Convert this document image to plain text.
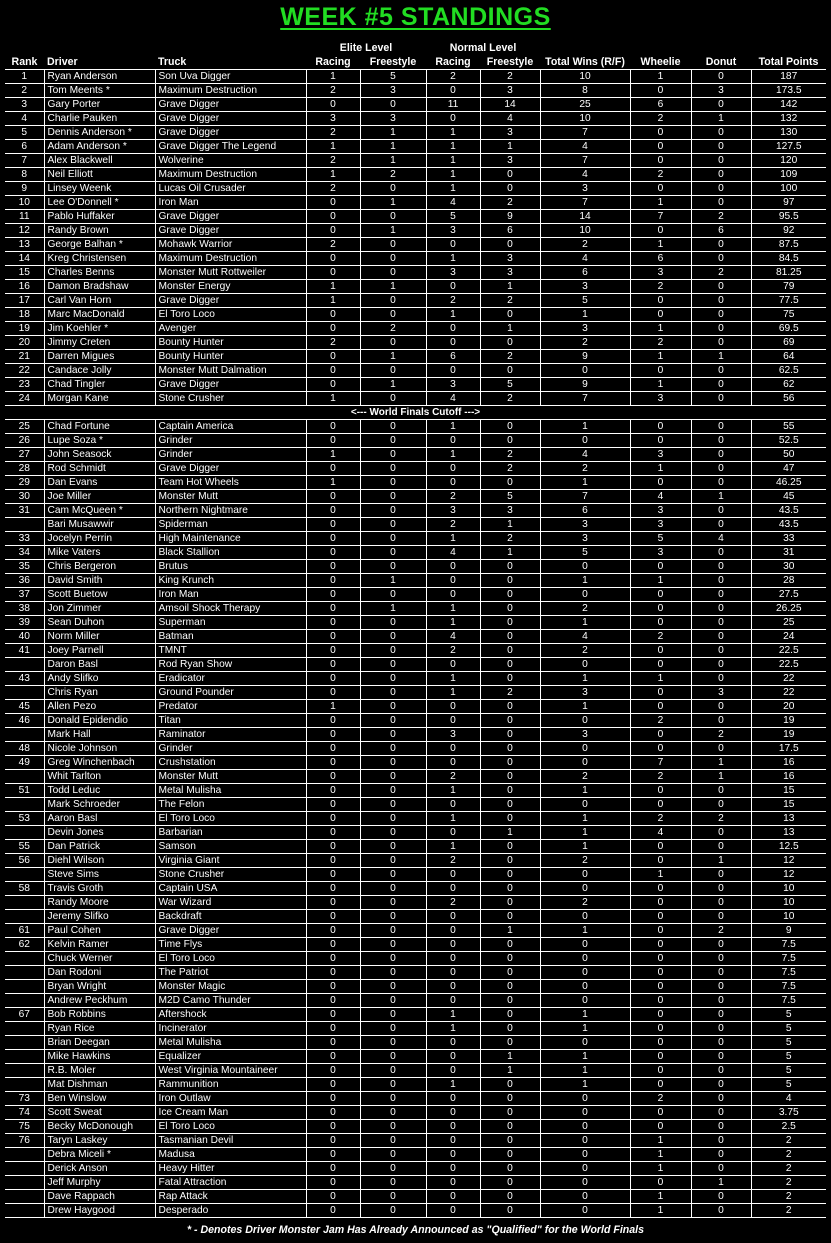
WEEK #5 STANDINGS
			Elite Level		Normal Level					
Rank	Driver	Truck	Racing	Freestyle	Racing	Freestyle	Total Wins (R/F)	Wheelie	Donut	Total Points
1	Ryan Anderson	Son Uva Digger	1	5	2	2	10	1	0	187
2	Tom Meents *	Maximum Destruction	2	3	0	3	8	0	3	173.5
3	Gary Porter	Grave Digger	0	0	11	14	25	6	0	142
4	Charlie Pauken	Grave Digger	3	3	0	4	10	2	1	132
5	Dennis Anderson *	Grave Digger	2	1	1	3	7	0	0	130
6	Adam Anderson *	Grave Digger The Legend	1	1	1	1	4	0	0	127.5
7	Alex Blackwell	Wolverine	2	1	1	3	7	0	0	120
8	Neil Elliott	Maximum Destruction	1	2	1	0	4	2	0	109
9	Linsey Weenk	Lucas Oil Crusader	2	0	1	0	3	0	0	100
10	Lee O'Donnell *	Iron Man	0	1	4	2	7	1	0	97
11	Pablo Huffaker	Grave Digger	0	0	5	9	14	7	2	95.5
12	Randy Brown	Grave Digger	0	1	3	6	10	0	6	92
13	George Balhan *	Mohawk Warrior	2	0	0	0	2	1	0	87.5
14	Kreg Christensen	Maximum Destruction	0	0	1	3	4	6	0	84.5
15	Charles Benns	Monster Mutt Rottweiler	0	0	3	3	6	3	2	81.25
16	Damon Bradshaw	Monster Energy	1	1	0	1	3	2	0	79
17	Carl Van Horn	Grave Digger	1	0	2	2	5	0	0	77.5
18	Marc MacDonald	El Toro Loco	0	0	1	0	1	0	0	75
19	Jim Koehler *	Avenger	0	2	0	1	3	1	0	69.5
20	Jimmy Creten	Bounty Hunter	2	0	0	0	2	2	0	69
21	Darren Migues	Bounty Hunter	0	1	6	2	9	1	1	64
22	Candace Jolly	Monster Mutt Dalmation	0	0	0	0	0	0	0	62.5
23	Chad Tingler	Grave Digger	0	1	3	5	9	1	0	62
24	Morgan Kane	Stone Crusher	1	0	4	2	7	3	0	56
<--- World Finals Cutoff --->										
25	Chad Fortune	Captain America	0	0	1	0	1	0	0	55
26	Lupe Soza *	Grinder	0	0	0	0	0	0	0	52.5
27	John Seasock	Grinder	1	0	1	2	4	3	0	50
28	Rod Schmidt	Grave Digger	0	0	0	2	2	1	0	47
29	Dan Evans	Team Hot Wheels	1	0	0	0	1	0	0	46.25
30	Joe Miller	Monster Mutt	0	0	2	5	7	4	1	45
31	Cam McQueen *	Northern Nightmare	0	0	3	3	6	3	0	43.5
	Bari Musawwir	Spiderman	0	0	2	1	3	3	0	43.5
33	Jocelyn Perrin	High Maintenance	0	0	1	2	3	5	4	33
34	Mike Vaters	Black Stallion	0	0	4	1	5	3	0	31
35	Chris Bergeron	Brutus	0	0	0	0	0	0	0	30
36	David Smith	King Krunch	0	1	0	0	1	1	0	28
37	Scott Buetow	Iron Man	0	0	0	0	0	0	0	27.5
38	Jon Zimmer	Amsoil Shock Therapy	0	1	1	0	2	0	0	26.25
39	Sean Duhon	Superman	0	0	1	0	1	0	0	25
40	Norm Miller	Batman	0	0	4	0	4	2	0	24
41	Joey Parnell	TMNT	0	0	2	0	2	0	0	22.5
	Daron Basl	Rod Ryan Show	0	0	0	0	0	0	0	22.5
43	Andy Slifko	Eradicator	0	0	1	0	1	1	0	22
	Chris Ryan	Ground Pounder	0	0	1	2	3	0	3	22
45	Allen Pezo	Predator	1	0	0	0	1	0	0	20
46	Donald Epidendio	Titan	0	0	0	0	0	2	0	19
	Mark Hall	Raminator	0	0	3	0	3	0	2	19
48	Nicole Johnson	Grinder	0	0	0	0	0	0	0	17.5
49	Greg Winchenbach	Crushstation	0	0	0	0	0	7	1	16
	Whit Tarlton	Monster Mutt	0	0	2	0	2	2	1	16
51	Todd Leduc	Metal Mulisha	0	0	1	0	1	0	0	15
	Mark Schroeder	The Felon	0	0	0	0	0	0	0	15
53	Aaron Basl	El Toro Loco	0	0	1	0	1	2	2	13
	Devin Jones	Barbarian	0	0	0	1	1	4	0	13
55	Dan Patrick	Samson	0	0	1	0	1	0	0	12.5
56	Diehl Wilson	Virginia Giant	0	0	2	0	2	0	1	12
	Steve Sims	Stone Crusher	0	0	0	0	0	1	0	12
58	Travis Groth	Captain USA	0	0	0	0	0	0	0	10
	Randy Moore	War Wizard	0	0	2	0	2	0	0	10
	Jeremy Slifko	Backdraft	0	0	0	0	0	0	0	10
61	Paul Cohen	Grave Digger	0	0	0	1	1	0	2	9
62	Kelvin Ramer	Time Flys	0	0	0	0	0	0	0	7.5
	Chuck Werner	El Toro Loco	0	0	0	0	0	0	0	7.5
	Dan Rodoni	The Patriot	0	0	0	0	0	0	0	7.5
	Bryan Wright	Monster Magic	0	0	0	0	0	0	0	7.5
	Andrew Peckhum	M2D Camo Thunder	0	0	0	0	0	0	0	7.5
67	Bob Robbins	Aftershock	0	0	1	0	1	0	0	5
	Ryan Rice	Incinerator	0	0	1	0	1	0	0	5
	Brian Deegan	Metal Mulisha	0	0	0	0	0	0	0	5
	Mike Hawkins	Equalizer	0	0	0	1	1	0	0	5
	R.B. Moler	West Virginia Mountaineer	0	0	0	1	1	0	0	5
	Mat Dishman	Rammunition	0	0	1	0	1	0	0	5
73	Ben Winslow	Iron Outlaw	0	0	0	0	0	2	0	4
74	Scott Sweat	Ice Cream Man	0	0	0	0	0	0	0	3.75
75	Becky McDonough	El Toro Loco	0	0	0	0	0	0	0	2.5
76	Taryn Laskey	Tasmanian Devil	0	0	0	0	0	1	0	2
	Debra Miceli *	Madusa	0	0	0	0	0	1	0	2
	Derick Anson	Heavy Hitter	0	0	0	0	0	1	0	2
	Jeff Murphy	Fatal Attraction	0	0	0	0	0	0	1	2
	Dave Rappach	Rap Attack	0	0	0	0	0	1	0	2
	Drew Haygood	Desperado	0	0	0	0	0	1	0	2
* - Denotes Driver Monster Jam Has Already Announced as "Qualified" for the World Finals
